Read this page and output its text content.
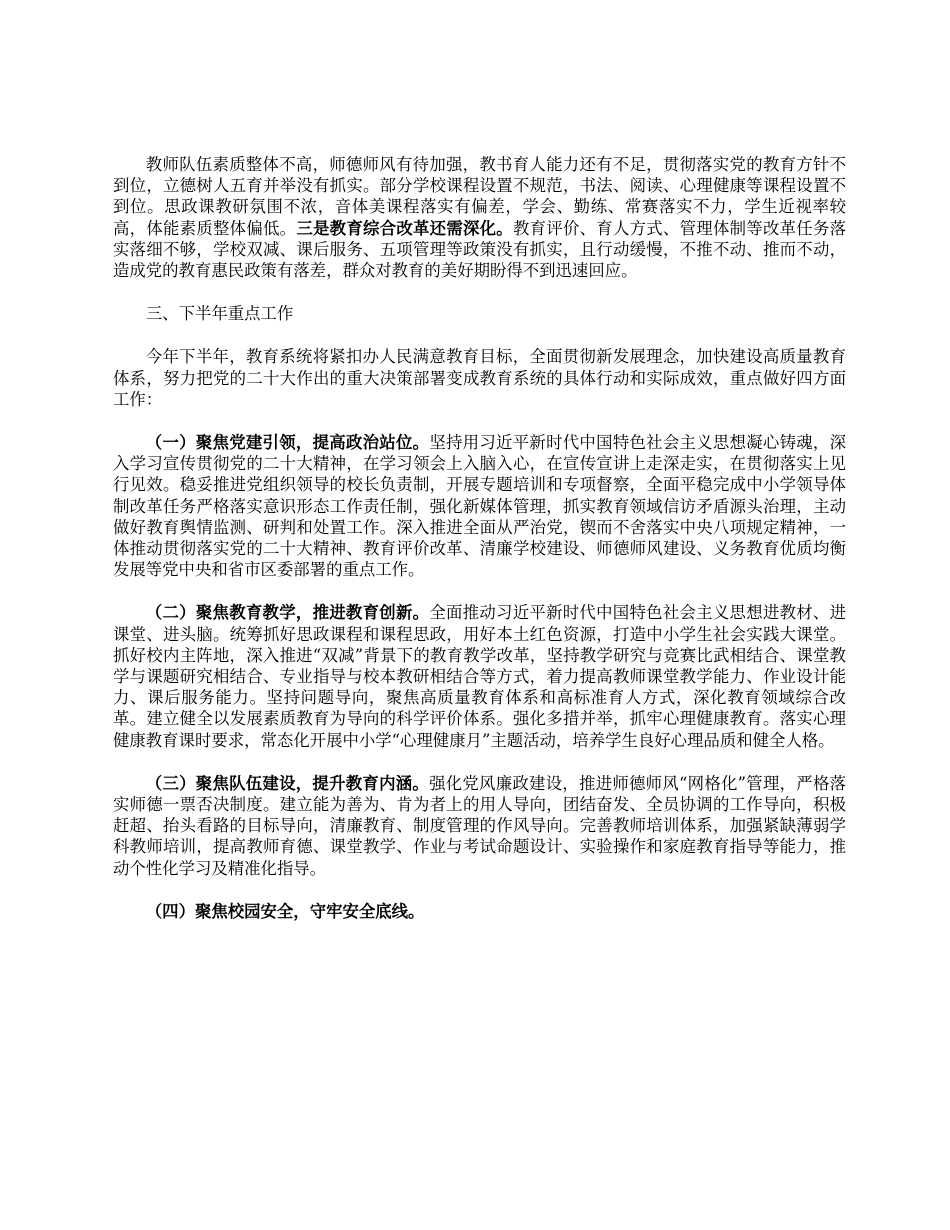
教师队伍素质整体不高，师德师风有待加强，教书育人能力还有不足，贯彻落实党的教育方针不到位，立德树人五育并举没有抓实。部分学校课程设置不规范，书法、阅读、心理健康等课程设置不到位。思政课教研氛围不浓，音体美课程落实有偏差，学会、勤练、常赛落实不力，学生近视率较高，体能素质整体偏低。三是教育综合改革还需深化。教育评价、育人方式、管理体制等改革任务落实落细不够，学校双减、课后服务、五项管理等政策没有抓实，且行动缓慢，不推不动、推而不动，造成党的教育惠民政策有落差，群众对教育的美好期盼得不到迅速回应。

三、下半年重点工作

今年下半年，教育系统将紧扣办人民满意教育目标，全面贯彻新发展理念，加快建设高质量教育体系，努力把党的二十大作出的重大决策部署变成教育系统的具体行动和实际成效，重点做好四方面工作：

（一）聚焦党建引领，提高政治站位。坚持用习近平新时代中国特色社会主义思想凝心铸魂，深入学习宣传贯彻党的二十大精神，在学习领会上入脑入心，在宣传宣讲上走深走实，在贯彻落实上见行见效。稳妥推进党组织领导的校长负责制，开展专题培训和专项督察，全面平稳完成中小学领导体制改革任务严格落实意识形态工作责任制，强化新媒体管理，抓实教育领域信访矛盾源头治理，主动做好教育舆情监测、研判和处置工作。深入推进全面从严治党，锲而不舍落实中央八项规定精神，一体推动贯彻落实党的二十大精神、教育评价改革、清廉学校建设、师德师风建设、义务教育优质均衡发展等党中央和省市区委部署的重点工作。

（二）聚焦教育教学，推进教育创新。全面推动习近平新时代中国特色社会主义思想进教材、进课堂、进头脑。统筹抓好思政课程和课程思政，用好本土红色资源，打造中小学生社会实践大课堂。抓好校内主阵地，深入推进“双减”背景下的教育教学改革，坚持教学研究与竞赛比武相结合、课堂教学与课题研究相结合、专业指导与校本教研相结合等方式，着力提高教师课堂教学能力、作业设计能力、课后服务能力。坚持问题导向，聚焦高质量教育体系和高标准育人方式，深化教育领域综合改革。建立健全以发展素质教育为导向的科学评价体系。强化多措并举，抓牢心理健康教育。落实心理健康教育课时要求，常态化开展中小学“心理健康月”主题活动，培养学生良好心理品质和健全人格。

（三）聚焦队伍建设，提升教育内涵。强化党风廉政建设，推进师德师风“网格化”管理，严格落实师德一票否决制度。建立能为善为、肯为者上的用人导向，团结奋发、全员协调的工作导向，积极赶超、抬头看路的目标导向，清廉教育、制度管理的作风导向。完善教师培训体系，加强紧缺薄弱学科教师培训，提高教师育德、课堂教学、作业与考试命题设计、实验操作和家庭教育指导等能力，推动个性化学习及精准化指导。

（四）聚焦校园安全，守牢安全底线。
